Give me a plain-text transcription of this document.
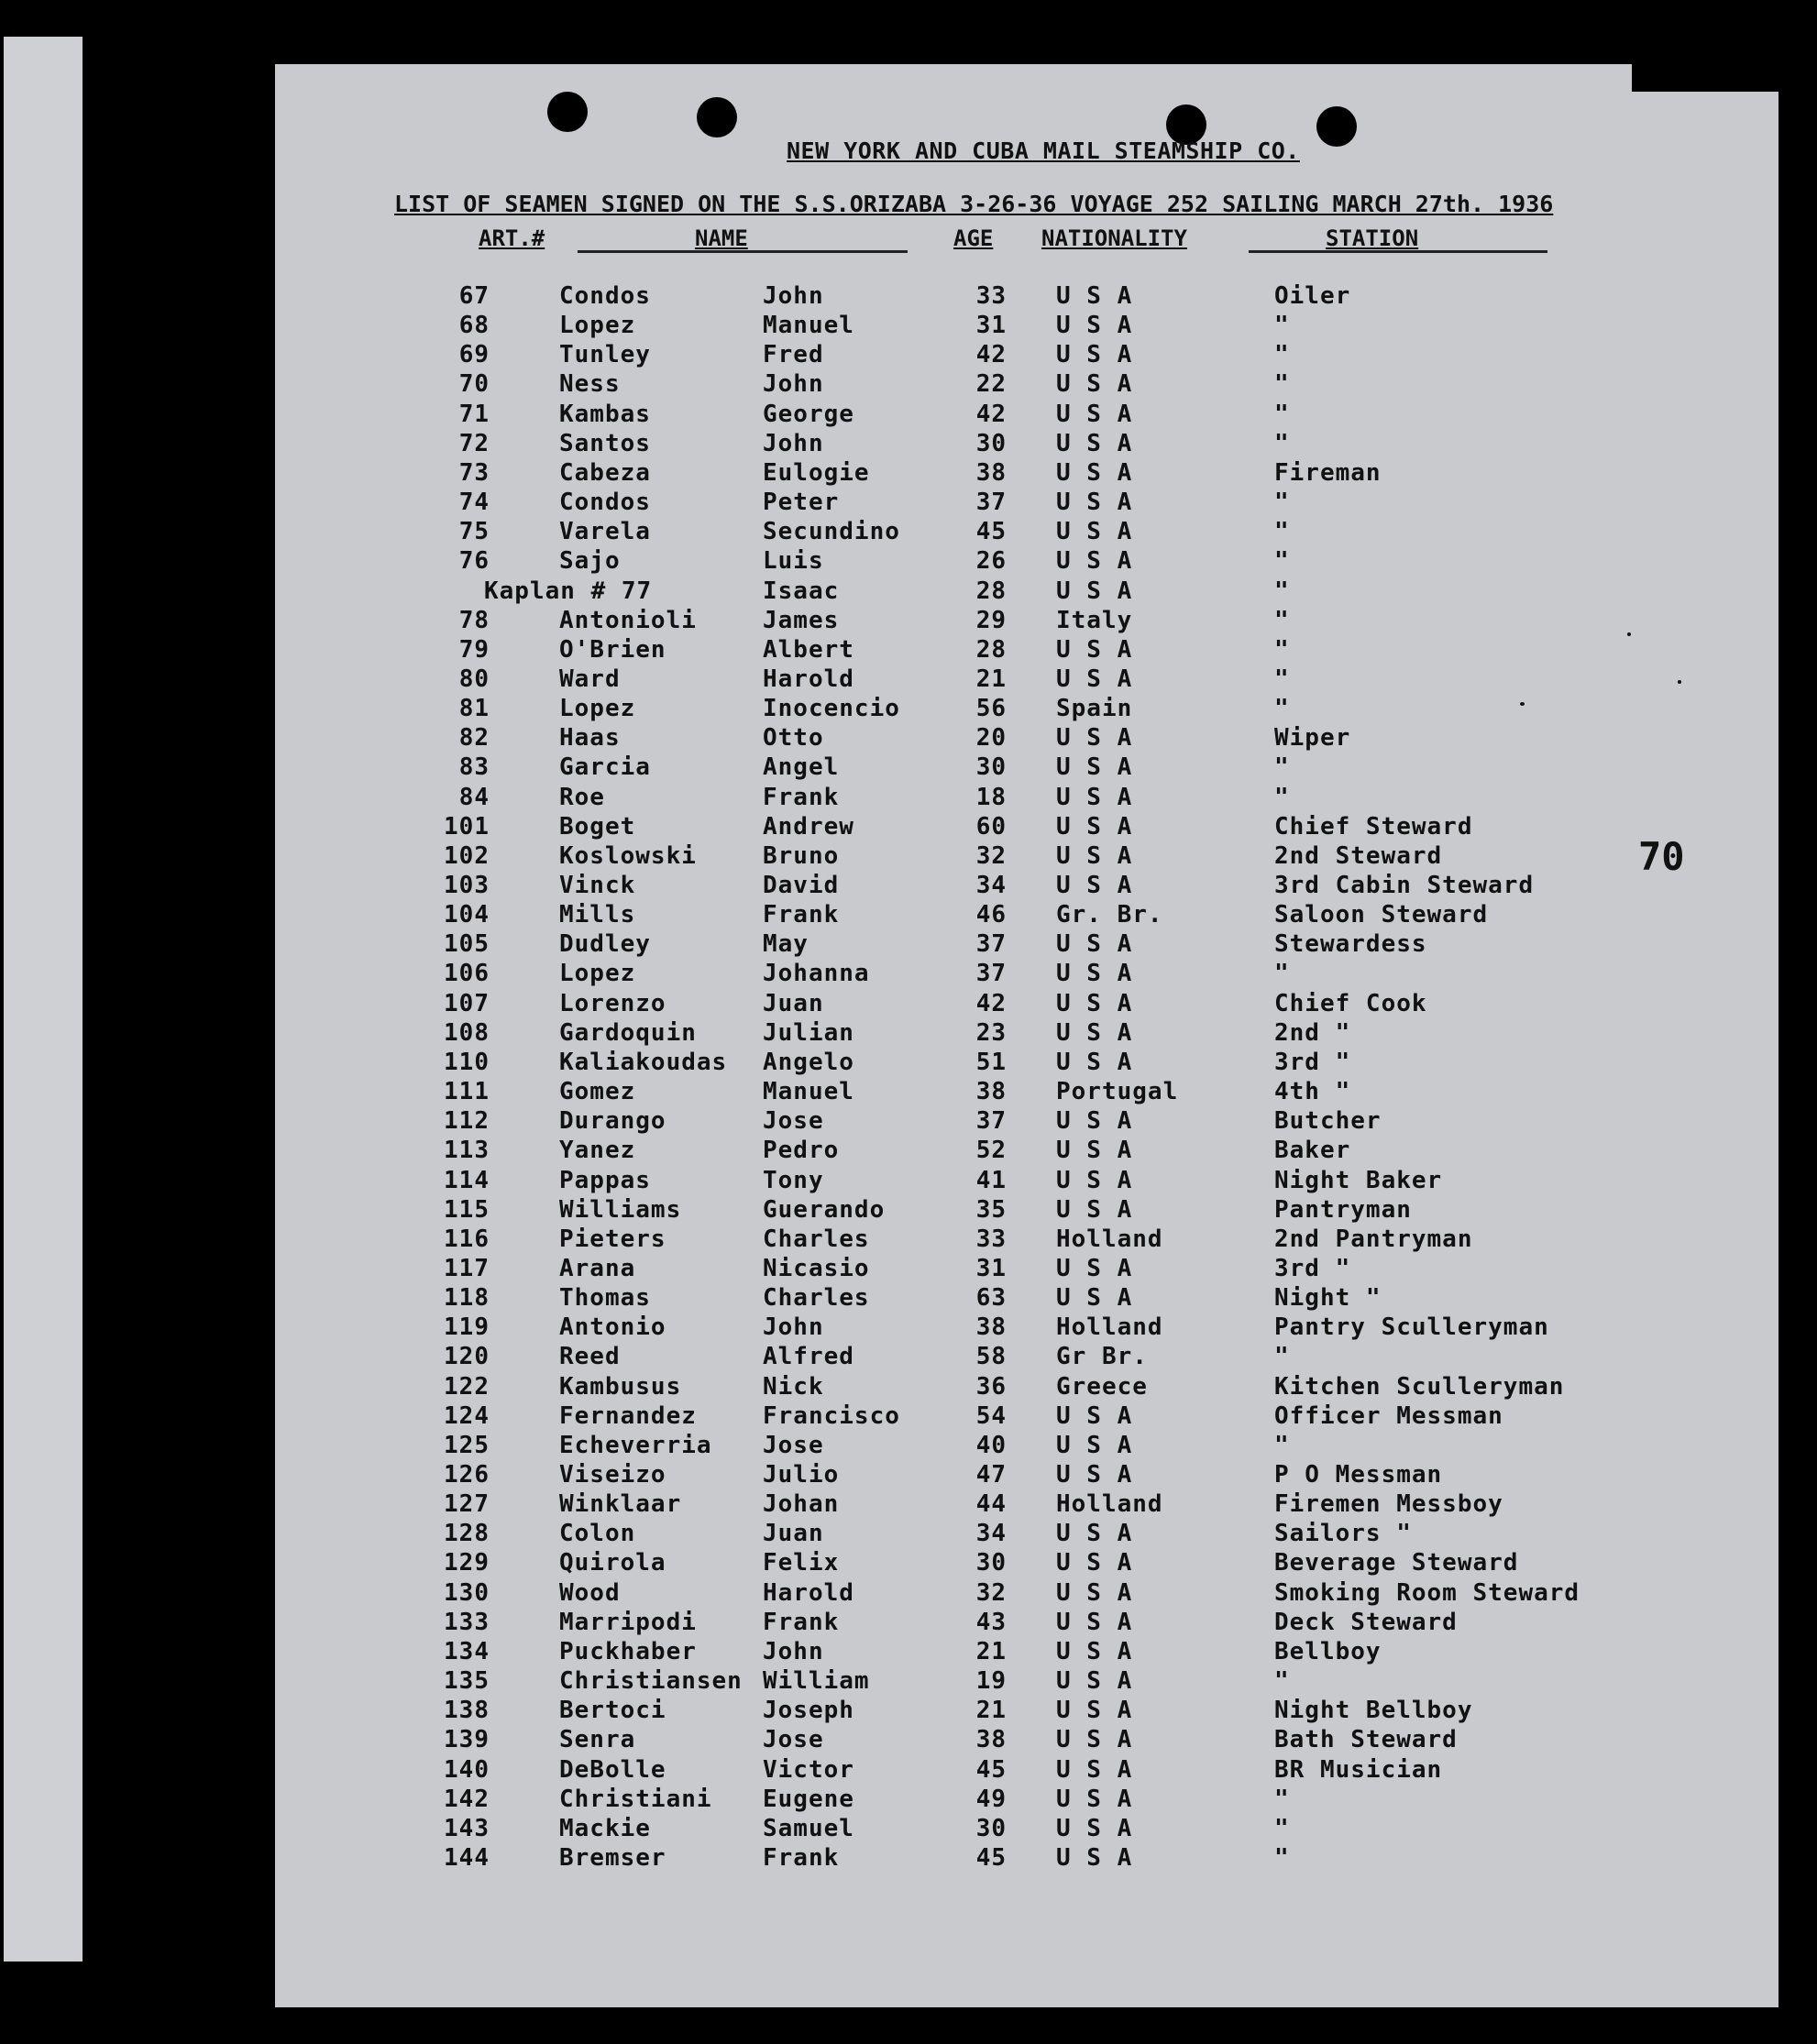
NEW YORK AND CUBA MAIL STEAMSHIP CO.
LIST OF SEAMEN SIGNED ON THE S.S.ORIZABA 3-26-36 VOYAGE 252 SAILING MARCH 27th. 1936
ART.#	NAME	AGE NATIONALITY	STATION
67	Condos	John	33 U S A	Oiler
68	Lopez	Manuel	31 U S A	"
69	Tunley	Fred	42 U S A	"
70	Ness	John	22 U S A	"
71	Kambas	George	42 U S A	"
72	Santos	John	30 U S A	"
73	Cabeza	Eulogie	38 U S A	Fireman
74	Condos	Peter	37 U S A	"
75	Varela	Secundino	45 U S A	"
76	Sajo	Luis	26 U S A	"
Kaplan # 77	Isaac	28 U S A	"
78	Antonioli	James	29 Italy	"
79	O'Brien	Albert	28 U S A	"
80	Ward	Harold	21 U S A	"
81	Lopez	Inocencio	56 Spain	"
82	Haas	Otto	20 U S A	Wiper
83	Garcia	Angel	30 U S A	"
84	Roe	Frank	18 U S A	"
101	Boget	Andrew	60 U S A	Chief Steward
102	Koslowski	Bruno	32 U S A	2nd Steward
103	Vinck	David	34 U S A	3rd Cabin Steward
104	Mills	Frank	46 Gr. Br.	Saloon Steward
105	Dudley	May	37 U S A	Stewardess
106	Lopez	Johanna	37 U S A	"
107	Lorenzo	Juan	42 U S A	Chief Cook
108	Gardoquin	Julian	23 U S A	2nd "
110	Kaliakoudas Angelo	51 U S A	3rd "
111	Gomez	Manuel	38 Portugal	4th "
112	Durango	Jose	37 U S A	Butcher
113	Yanez	Pedro	52 U S A	Baker
114	Pappas	Tony	41 U S A	Night Baker
115	Williams	Guerando	35 U S A	Pantryman
116	Pieters	Charles	33 Holland	2nd Pantryman
117	Arana	Nicasio	31 U S A	3rd "
118	Thomas	Charles	63 U S A	Night "
119	Antonio	John	38 Holland	Pantry Sculleryman
120	Reed	Alfred	58 Gr Br.	"
122	Kambusus	Nick	36 Greece	Kitchen Sculleryman
124	Fernandez	Francisco	54 U S A	Officer Messman
125	Echeverria Jose	40 U S A	"
126	Viseizo	Julio	47 U S A	P O Messman
127	Winklaar	Johan	44 Holland	Firemen Messboy
128	Colon	Juan	34 U S A	Sailors "
129	Quirola	Felix	30 U S A	Beverage Steward
130	Wood	Harold	32 U S A	Smoking Room Steward
133	Marripodi	Frank	43 U S A	Deck Steward
134	Puckhaber	John	21 U S A	Bellboy
135	Christiansen William	19 U S A	"
138	Bertoci	Joseph	21 U S A	Night Bellboy
139	Senra	Jose	38 U S A	Bath Steward
140	DeBolle	Victor	45 U S A	BR Musician
142	Christiani Eugene	49 U S A	"
143	Mackie	Samuel	30 U S A	"
144	Bremser	Frank	45 U S A	"
70
